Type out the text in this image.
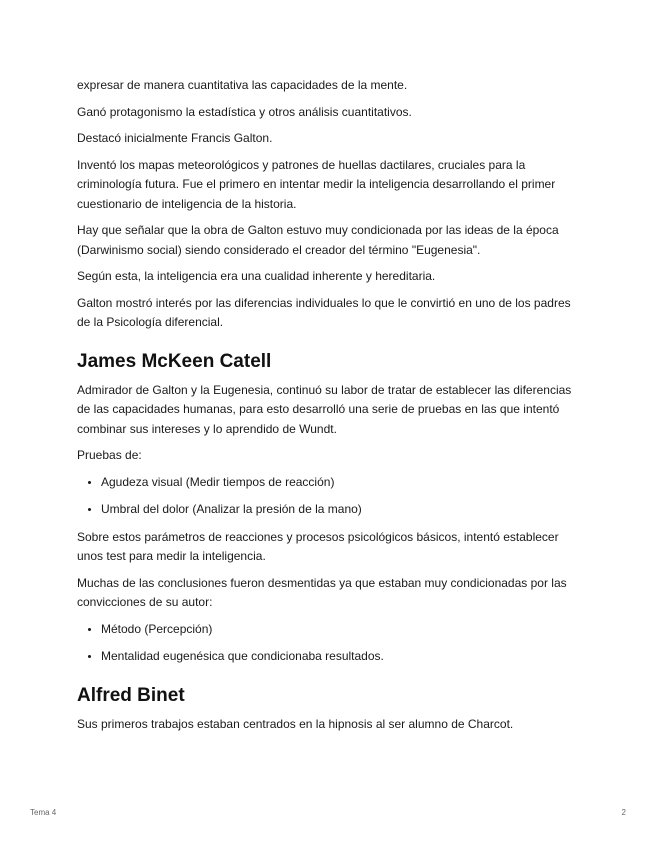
expresar de manera cuantitativa las capacidades de la mente.

Ganó protagonismo la estadística y otros análisis cuantitativos.

Destacó inicialmente Francis Galton.

Inventó los mapas meteorológicos y patrones de huellas dactilares, cruciales para la criminología futura. Fue el primero en intentar medir la inteligencia desarrollando el primer cuestionario de inteligencia de la historia.

Hay que señalar que la obra de Galton estuvo muy condicionada por las ideas de la época (Darwinismo social) siendo considerado el creador del término "Eugenesia".

Según esta, la inteligencia era una cualidad inherente y hereditaria.

Galton mostró interés por las diferencias individuales lo que le convirtió en uno de los padres de la Psicología diferencial.

James McKeen Catell

Admirador de Galton y la Eugenesia, continuó su labor de tratar de establecer las diferencias de las capacidades humanas, para esto desarrolló una serie de pruebas en las que intentó combinar sus intereses y lo aprendido de Wundt.

Pruebas de:

• Agudeza visual (Medir tiempos de reacción)
• Umbral del dolor (Analizar la presión de la mano)

Sobre estos parámetros de reacciones y procesos psicológicos básicos, intentó establecer unos test para medir la inteligencia.

Muchas de las conclusiones fueron desmentidas ya que estaban muy condicionadas por las convicciones de su autor:

• Método (Percepción)
• Mentalidad eugenésica que condicionaba resultados.
Alfred Binet

Sus primeros trabajos estaban centrados en la hipnosis al ser alumno de Charcot.

Tema 4	2
